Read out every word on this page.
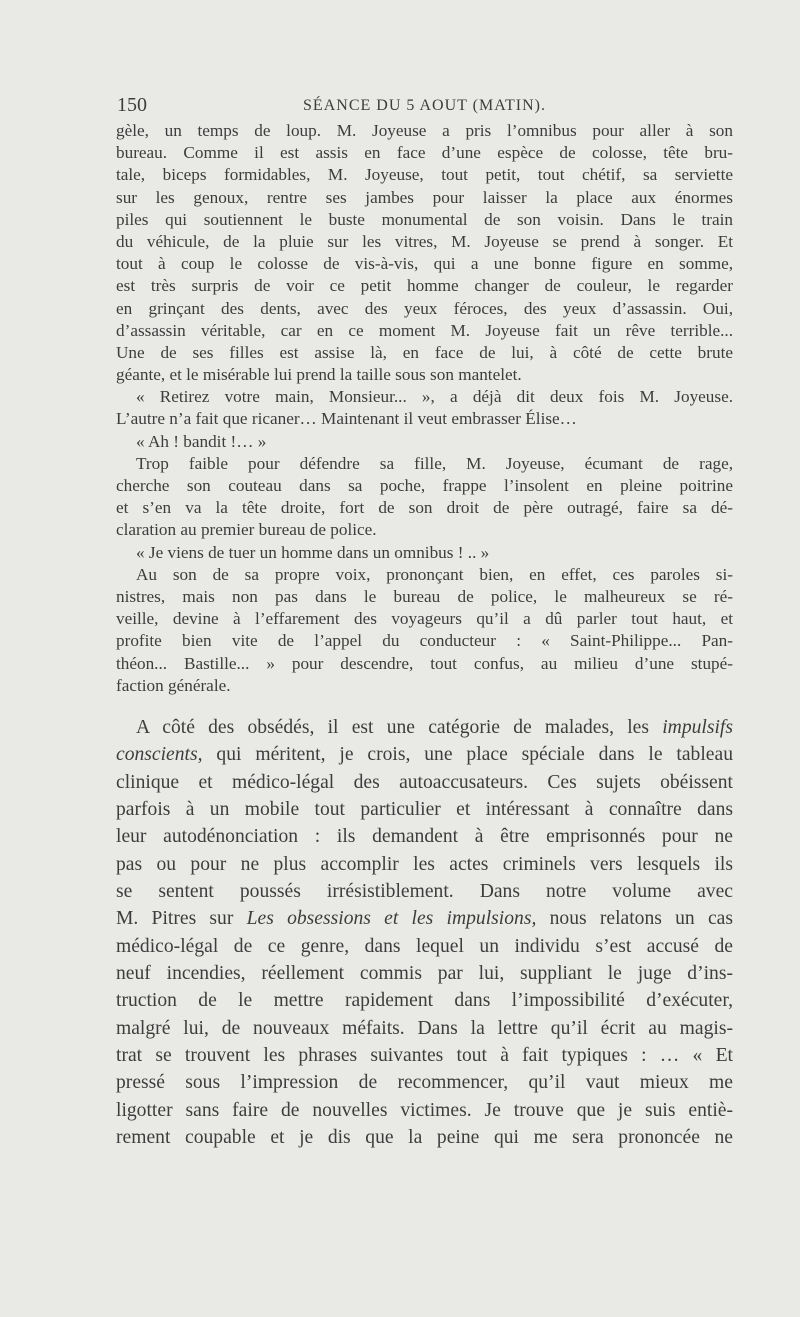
150	SÉANCE DU 5 AOUT (MATIN).
gèle, un temps de loup. M. Joyeuse a pris l’omnibus pour aller à son
bureau. Comme il est assis en face d’une espèce de colosse, tête bru-
tale, biceps formidables, M. Joyeuse, tout petit, tout chétif, sa serviette
sur les genoux, rentre ses jambes pour laisser la place aux énormes
piles qui soutiennent le buste monumental de son voisin. Dans le train
du véhicule, de la pluie sur les vitres, M. Joyeuse se prend à songer. Et
tout à coup le colosse de vis-à-vis, qui a une bonne figure en somme,
est très surpris de voir ce petit homme changer de couleur, le regarder
en grinçant des dents, avec des yeux féroces, des yeux d’assassin. Oui,
d’assassin véritable, car en ce moment M. Joyeuse fait un rêve terrible...
Une de ses filles est assise là, en face de lui, à côté de cette brute
géante, et le misérable lui prend la taille sous son mantelet.
« Retirez votre main, Monsieur... », a déjà dit deux fois M. Joyeuse.
L’autre n’a fait que ricaner… Maintenant il veut embrasser Élise…
« Ah ! bandit !… »
Trop faible pour défendre sa fille, M. Joyeuse, écumant de rage,
cherche son couteau dans sa poche, frappe l’insolent en pleine poitrine
et s’en va la tête droite, fort de son droit de père outragé, faire sa dé-
claration au premier bureau de police.
« Je viens de tuer un homme dans un omnibus ! .. »
Au son de sa propre voix, prononçant bien, en effet, ces paroles si-
nistres, mais non pas dans le bureau de police, le malheureux se ré-
veille, devine à l’effarement des voyageurs qu’il a dû parler tout haut, et
profite bien vite de l’appel du conducteur : « Saint-Philippe... Pan-
théon... Bastille... » pour descendre, tout confus, au milieu d’une stupé-
faction générale.
A côté des obsédés, il est une catégorie de malades, les impulsifs
conscients, qui méritent, je crois, une place spéciale dans le tableau
clinique et médico-légal des autoaccusateurs. Ces sujets obéissent
parfois à un mobile tout particulier et intéressant à connaître dans
leur autodénonciation : ils demandent à être emprisonnés pour ne
pas ou pour ne plus accomplir les actes criminels vers lesquels ils
se sentent poussés irrésistiblement. Dans notre volume avec
M. Pitres sur Les obsessions et les impulsions, nous relatons un cas
médico-légal de ce genre, dans lequel un individu s’est accusé de
neuf incendies, réellement commis par lui, suppliant le juge d’ins-
truction de le mettre rapidement dans l’impossibilité d’exécuter,
malgré lui, de nouveaux méfaits. Dans la lettre qu’il écrit au magis-
trat se trouvent les phrases suivantes tout à fait typiques : … « Et
pressé sous l’impression de recommencer, qu’il vaut mieux me
ligotter sans faire de nouvelles victimes. Je trouve que je suis entiè-
rement coupable et je dis que la peine qui me sera prononcée ne
